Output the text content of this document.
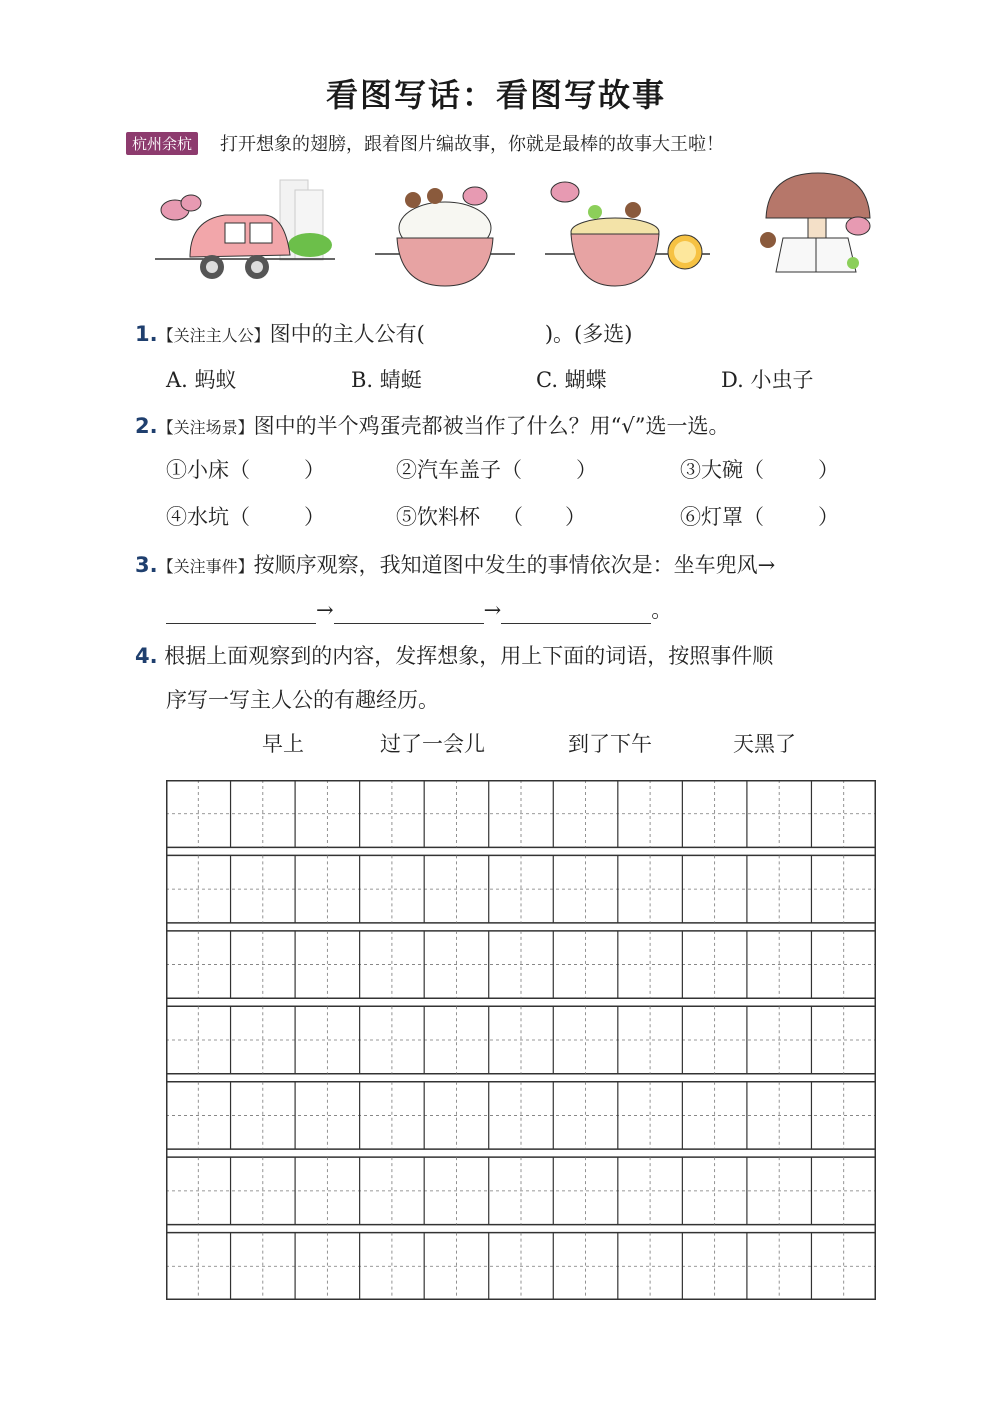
看图写话：看图写故事
杭州余杭	打开想象的翅膀，跟着图片编故事，你就是最棒的故事大王啦！
1.【关注主人公】图中的主人公有(	)。(多选)
A. 蚂蚁	B. 蜻蜓	C. 蝴蝶	D. 小虫子
2.【关注场景】图中的半个鸡蛋壳都被当作了什么？用“√”选一选。
①小床（	）	②汽车盖子（	）	③大碗（	）
④水坑（	）	⑤饮料杯 （　　）	⑥灯罩（	）
3.【关注事件】按顺序观察，我知道图中发生的事情依次是：坐车兜风→
→	→	。
4. 根据上面观察到的内容，发挥想象，用上下面的词语，按照事件顺
序写一写主人公的有趣经历。
早上	过了一会儿	到了下午	天黑了
